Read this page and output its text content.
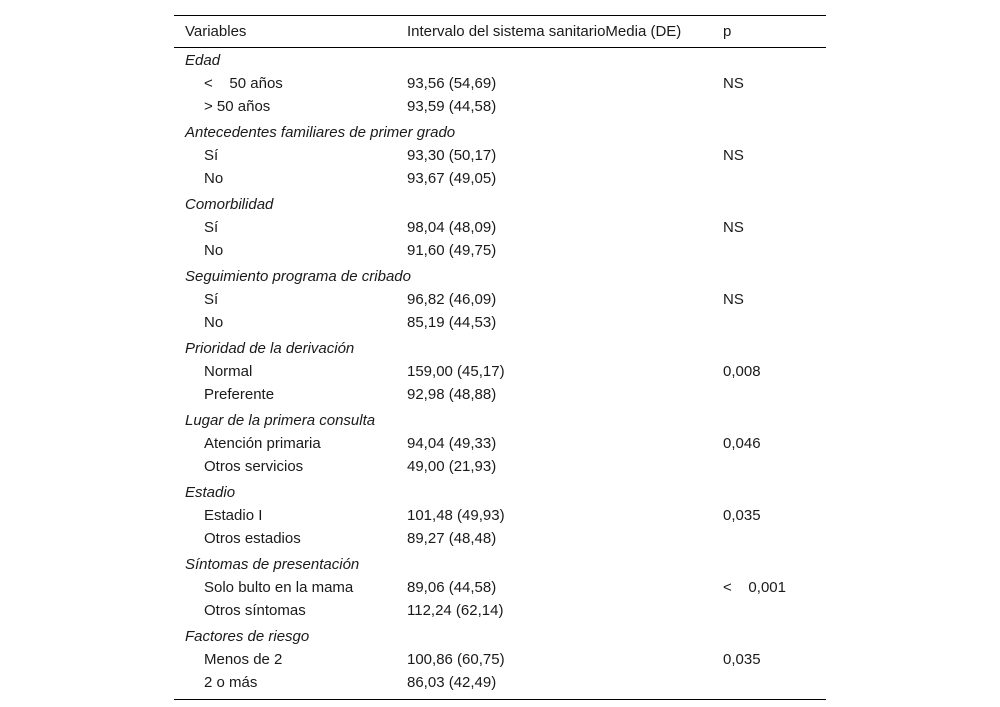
Variables	Intervalo del sistema sanitarioMedia (DE)	p
Edad
<    50 años	93,56 (54,69)	NS
> 50 años	93,59 (44,58)
Antecedentes familiares de primer grado
Sí	93,30 (50,17)	NS
No	93,67 (49,05)
Comorbilidad
Sí	98,04 (48,09)	NS
No	91,60 (49,75)
Seguimiento programa de cribado
Sí	96,82 (46,09)	NS
No	85,19 (44,53)
Prioridad de la derivación
Normal	159,00 (45,17)	0,008
Preferente	92,98 (48,88)
Lugar de la primera consulta
Atención primaria	94,04 (49,33)	0,046
Otros servicios	49,00 (21,93)
Estadio
Estadio I	101,48 (49,93)	0,035
Otros estadios	89,27 (48,48)
Síntomas de presentación
Solo bulto en la mama	89,06 (44,58)	<    0,001
Otros síntomas	112,24 (62,14)
Factores de riesgo
Menos de 2	100,86 (60,75)	0,035
2 o más	86,03 (42,49)
